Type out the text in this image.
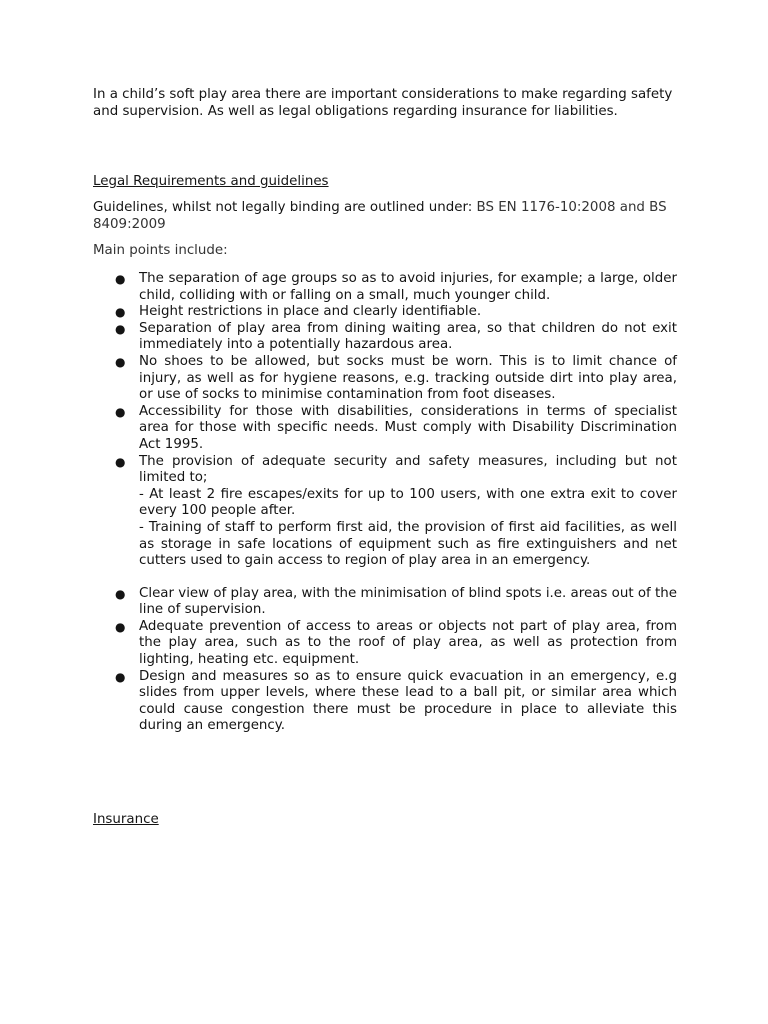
In a child’s soft play area there are important considerations to make regarding safety and supervision. As well as legal obligations regarding insurance for liabilities.

Legal Requirements and guidelines

Guidelines, whilst not legally binding are outlined under: BS EN 1176-10:2008 and BS 8409:2009

Main points include:

● The separation of age groups so as to avoid injuries, for example; a large, older child, colliding with or falling on a small, much younger child.
● Height restrictions in place and clearly identifiable.
● Separation of play area from dining waiting area, so that children do not exit immediately into a potentially hazardous area.
● No shoes to be allowed, but socks must be worn. This is to limit chance of injury, as well as for hygiene reasons, e.g. tracking outside dirt into play area, or use of socks to minimise contamination from foot diseases.
● Accessibility for those with disabilities, considerations in terms of specialist area for those with specific needs. Must comply with Disability Discrimination Act 1995.
● The provision of adequate security and safety measures, including but not limited to;
- At least 2 fire escapes/exits for up to 100 users, with one extra exit to cover every 100 people after.
- Training of staff to perform first aid, the provision of first aid facilities, as well as storage in safe locations of equipment such as fire extinguishers and net cutters used to gain access to region of play area in an emergency.
● Clear view of play area, with the minimisation of blind spots i.e. areas out of the line of supervision.
● Adequate prevention of access to areas or objects not part of play area, from the play area, such as to the roof of play area, as well as protection from lighting, heating etc. equipment.
● Design and measures so as to ensure quick evacuation in an emergency, e.g slides from upper levels, where these lead to a ball pit, or similar area which could cause congestion there must be procedure in place to alleviate this during an emergency.

Insurance
